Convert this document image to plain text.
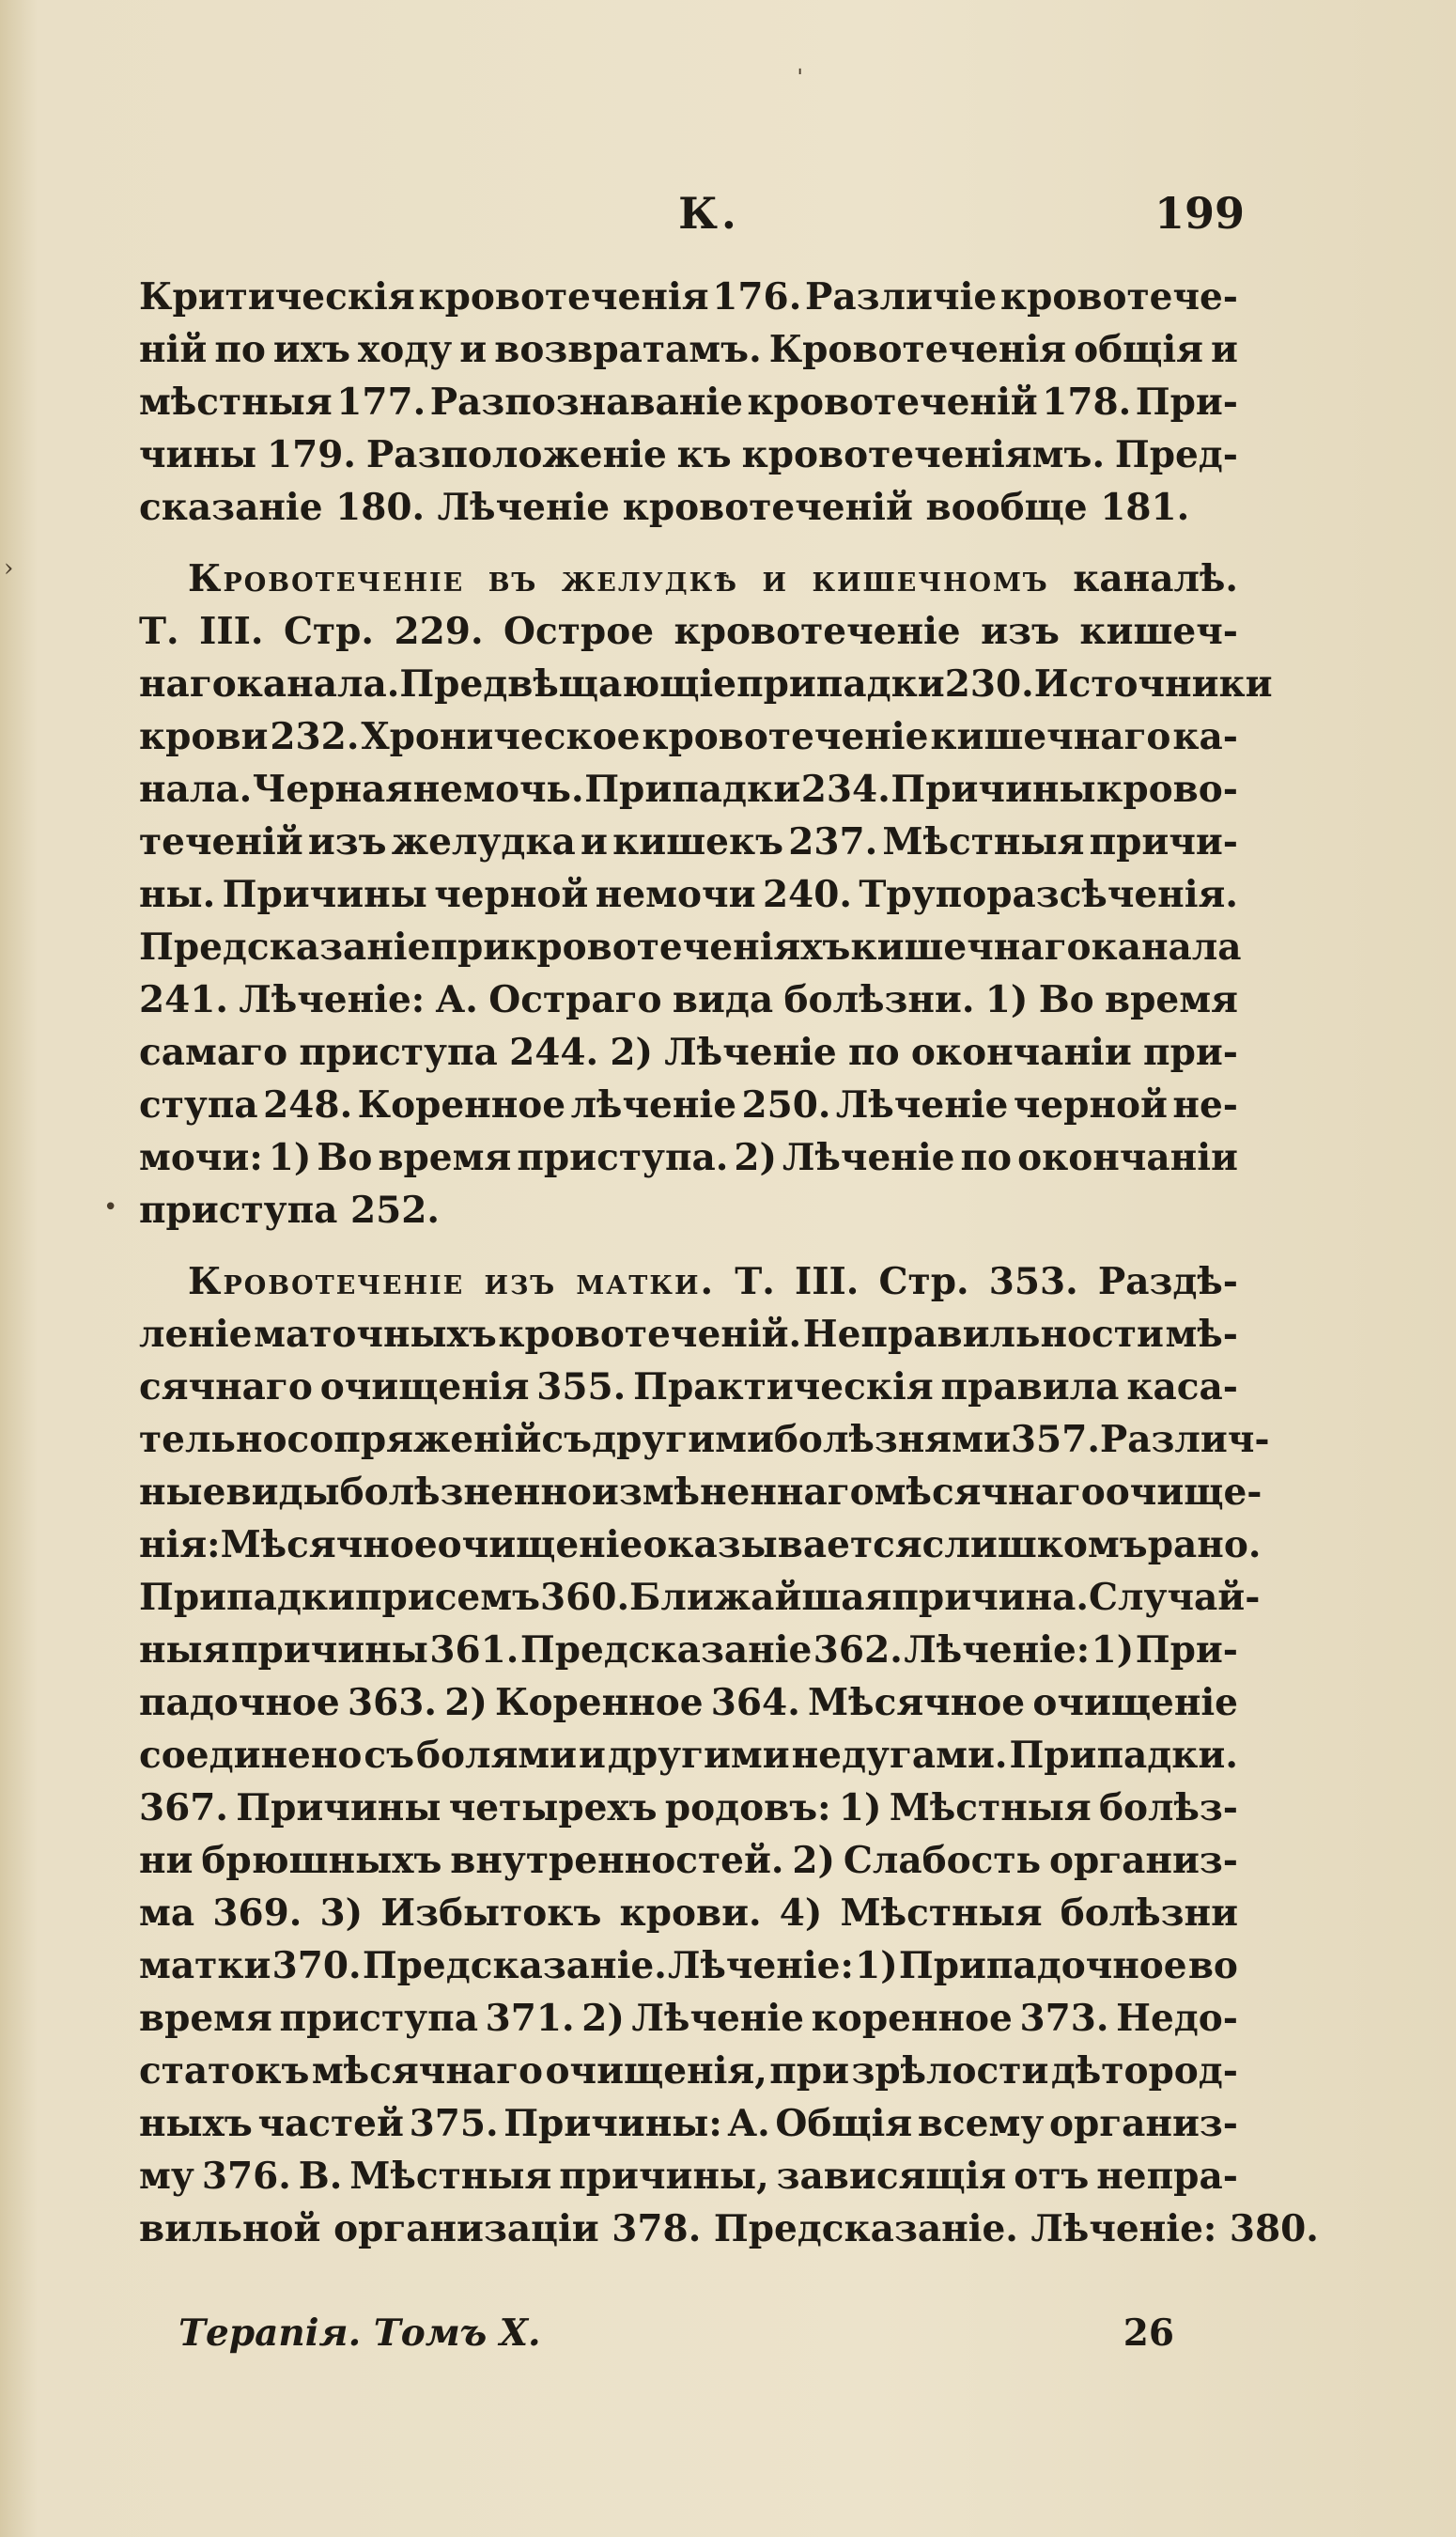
ˈ
›
•
К.	199
Критическія кровотеченія 176. Различіе кровотече-
ній по ихъ ходу и возвратамъ. Кровотеченія общія и
мѣстныя 177. Разпознаваніе кровотеченій 178. При-
чины 179. Разположеніе къ кровотеченіямъ. Пред-
сказаніе 180. Лѣченіе кровотеченій вообще 181.
Кровотеченіе въ желудкѣ и кишечномъ каналѣ.
Т. III. Стр. 229. Острое кровотеченіе изъ кишеч-
наго канала. Предвѣщающіе припадки 230. Источники
крови 232. Хроническое кровотеченіе кишечнаго ка-
нала. Черная немочь. Припадки 234. Причины крово-
теченій изъ желудка и кишекъ 237. Мѣстныя причи-
ны. Причины черной немочи 240. Трупоразсѣченія.
Предсказаніе при кровотеченіяхъ кишечнаго канала
241. Лѣченіе: А. Остраго вида болѣзни. 1) Во время
самаго приступа 244. 2) Лѣченіе по окончаніи при-
ступа 248. Коренное лѣченіе 250. Лѣченіе черной не-
мочи: 1) Во время приступа. 2) Лѣченіе по окончаніи
приступа 252.
Кровотеченіе изъ матки. Т. III. Стр. 353. Раздѣ-
леніе маточныхъ кровотеченій. Неправильности мѣ-
сячнаго очищенія 355. Практическія правила каса-
тельно сопряженій съ другими болѣзнями 357. Различ-
ные виды болѣзненно измѣненнаго мѣсячнаго очище-
нія: Мѣсячное очищеніе оказывается слишкомъ рано.
Припадки при семъ 360. Ближайшая причина. Случай-
ныя причины 361. Предсказаніе 362. Лѣченіе: 1) При-
падочное 363. 2) Коренное 364. Мѣсячное очищеніе
соединено съ болями и другими недугами. Припадки.
367. Причины четырехъ родовъ: 1) Мѣстныя болѣз-
ни брюшныхъ внутренностей. 2) Слабость организ-
ма 369. 3) Избытокъ крови. 4) Мѣстныя болѣзни
матки 370. Предсказаніе. Лѣченіе: 1) Припадочное во
время приступа 371. 2) Лѣченіе коренное 373. Недо-
статокъ мѣсячнаго очищенія, при зрѣлости дѣтород-
ныхъ частей 375. Причины: А. Общія всему организ-
му 376. В. Мѣстныя причины, зависящія отъ непра-
вильной организаціи 378. Предсказаніе. Лѣченіе: 380.
Терапія. Томъ X.	26
